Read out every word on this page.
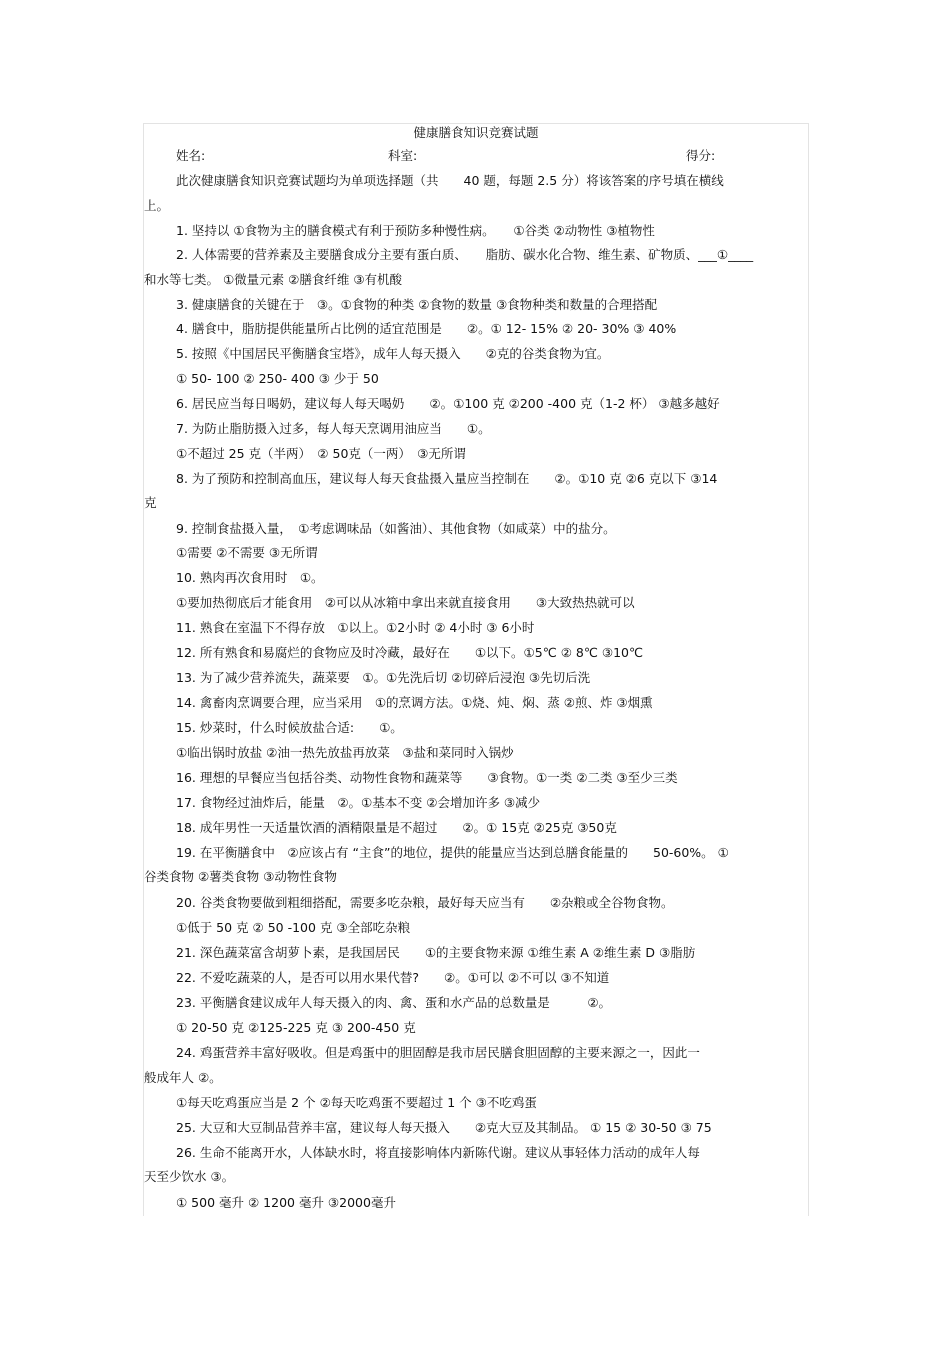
健康膳食知识竞赛试题
姓名:	科室:	得分:
此次健康膳食知识竞赛试题均为单项选择题（共　　40 题，每题 2.5 分）将该答案的序号填在横线
上。
1. 坚持以 ①食物为主的膳食模式有利于预防多种慢性病。　　①谷类 ②动物性 ③植物性
2. 人体需要的营养素及主要膳食成分主要有蛋白质、　　脂肪、碳水化合物、维生素、矿物质、___①____
和水等七类。 ①微量元素 ②膳食纤维 ③有机酸
3. 健康膳食的关键在于　③。①食物的种类 ②食物的数量 ③食物种类和数量的合理搭配
4. 膳食中，脂肪提供能量所占比例的适宜范围是　　②。① 12- 15% ② 20- 30% ③ 40%
5. 按照《中国居民平衡膳食宝塔》，成年人每天摄入　　②克的谷类食物为宜。
① 50- 100 ② 250- 400 ③ 少于 50
6. 居民应当每日喝奶，建议每人每天喝奶　　②。①100 克 ②200 -400 克（1-2 杯） ③越多越好
7. 为防止脂肪摄入过多，每人每天烹调用油应当　　①。
①不超过 25 克（半两）　② 50克（一两）　③无所谓
8. 为了预防和控制高血压，建议每人每天食盐摄入量应当控制在　　②。①10 克 ②6 克以下 ③14
克
9. 控制食盐摄入量，　①考虑调味品（如酱油）、其他食物（如咸菜）中的盐分。
①需要 ②不需要 ③无所谓
10. 熟肉再次食用时　①。
①要加热彻底后才能食用　②可以从冰箱中拿出来就直接食用　　③大致热热就可以
11. 熟食在室温下不得存放　①以上。①2小时 ② 4小时 ③ 6小时
12. 所有熟食和易腐烂的食物应及时冷藏，最好在　　①以下。①5℃ ② 8℃ ③10℃
13. 为了减少营养流失，蔬菜要　①。①先洗后切 ②切碎后浸泡 ③先切后洗
14. 禽畜肉烹调要合理，应当采用　①的烹调方法。①烧、炖、焖、蒸 ②煎、炸 ③烟熏
15. 炒菜时，什么时候放盐合适:　　①。
①临出锅时放盐 ②油一热先放盐再放菜　③盐和菜同时入锅炒
16. 理想的早餐应当包括谷类、动物性食物和蔬菜等　　③食物。①一类 ②二类 ③至少三类
17. 食物经过油炸后，能量　②。①基本不变 ②会增加许多 ③减少
18. 成年男性一天适量饮酒的酒精限量是不超过　　②。① 15克 ②25克 ③50克
19. 在平衡膳食中　②应该占有 “主食”的地位，提供的能量应当达到总膳食能量的　　50-60%。 ①
谷类食物 ②薯类食物 ③动物性食物
20. 谷类食物要做到粗细搭配，需要多吃杂粮，最好每天应当有　　②杂粮或全谷物食物。
①低于 50 克 ② 50 -100 克 ③全部吃杂粮
21. 深色蔬菜富含胡萝卜素，是我国居民　　①的主要食物来源 ①维生素 A ②维生素 D ③脂肪
22. 不爱吃蔬菜的人，是否可以用水果代替?　　②。①可以 ②不可以 ③不知道
23. 平衡膳食建议成年人每天摄入的肉、禽、蛋和水产品的总数量是　　　②。
① 20-50 克 ②125-225 克 ③ 200-450 克
24. 鸡蛋营养丰富好吸收。但是鸡蛋中的胆固醇是我市居民膳食胆固醇的主要来源之一，因此一
般成年人 ②。
①每天吃鸡蛋应当是 2 个 ②每天吃鸡蛋不要超过 1 个 ③不吃鸡蛋
25. 大豆和大豆制品营养丰富，建议每人每天摄入　　②克大豆及其制品。 ① 15 ② 30-50 ③ 75
26. 生命不能离开水，人体缺水时，将直接影响体内新陈代谢。建议从事轻体力活动的成年人每
天至少饮水 ③。
① 500 毫升 ② 1200 毫升 ③2000毫升
